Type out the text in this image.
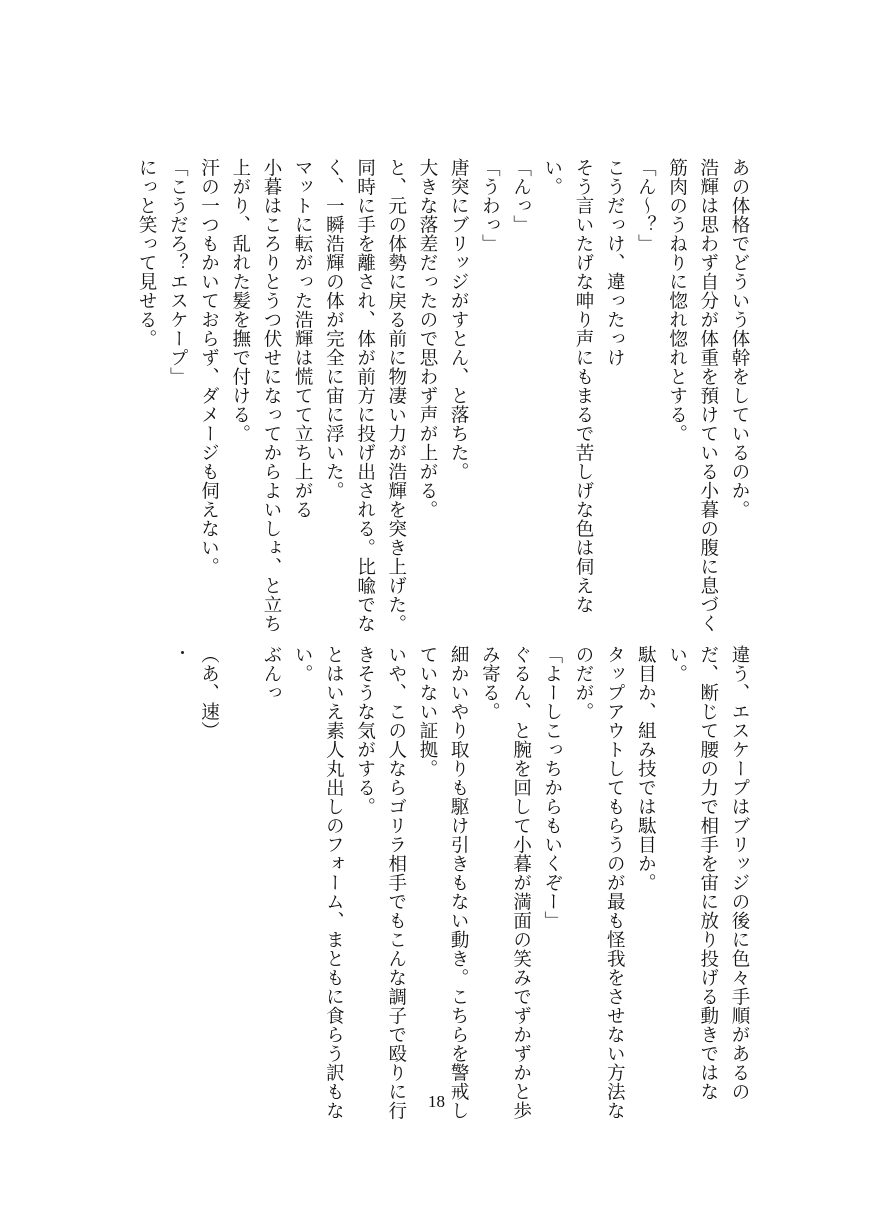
あの体格でどういう体幹をしているのか。
浩輝は思わず自分が体重を預けている小暮の腹に息づく
筋肉のうねりに惚れ惚れとする。
「ん～？」
こうだっけ、違ったっけ
そう言いたげな呻り声にもまるで苦しげな色は伺えな
い。
「んっ」
「うわっ」
唐突にブリッジがすとん、と落ちた。
大きな落差だったので思わず声が上がる。
と、元の体勢に戻る前に物凄い力が浩輝を突き上げた。
同時に手を離され、体が前方に投げ出される。比喩でな
く、一瞬浩輝の体が完全に宙に浮いた。
マットに転がった浩輝は慌てて立ち上がる
小暮はころりとうつ伏せになってからよいしょ、と立ち
上がり、乱れた髪を撫で付ける。
汗の一つもかいておらず、ダメージも伺えない。
「こうだろ？エスケープ」
にっと笑って見せる。
違う、エスケープはブリッジの後に色々手順があるの
だ、断じて腰の力で相手を宙に放り投げる動きではな
い。
駄目か、組み技では駄目か。
タップアウトしてもらうのが最も怪我をさせない方法な
のだが。
「よーしこっちからもいくぞー」
ぐるん、と腕を回して小暮が満面の笑みでずかずかと歩
み寄る。
細かいやり取りも駆け引きもない動き。こちらを警戒し
ていない証拠。
いや、この人ならゴリラ相手でもこんな調子で殴りに行
きそうな気がする。
とはいえ素人丸出しのフォーム、まともに食らう訳もな
い。
ぶんっ

（あ、速）
18
